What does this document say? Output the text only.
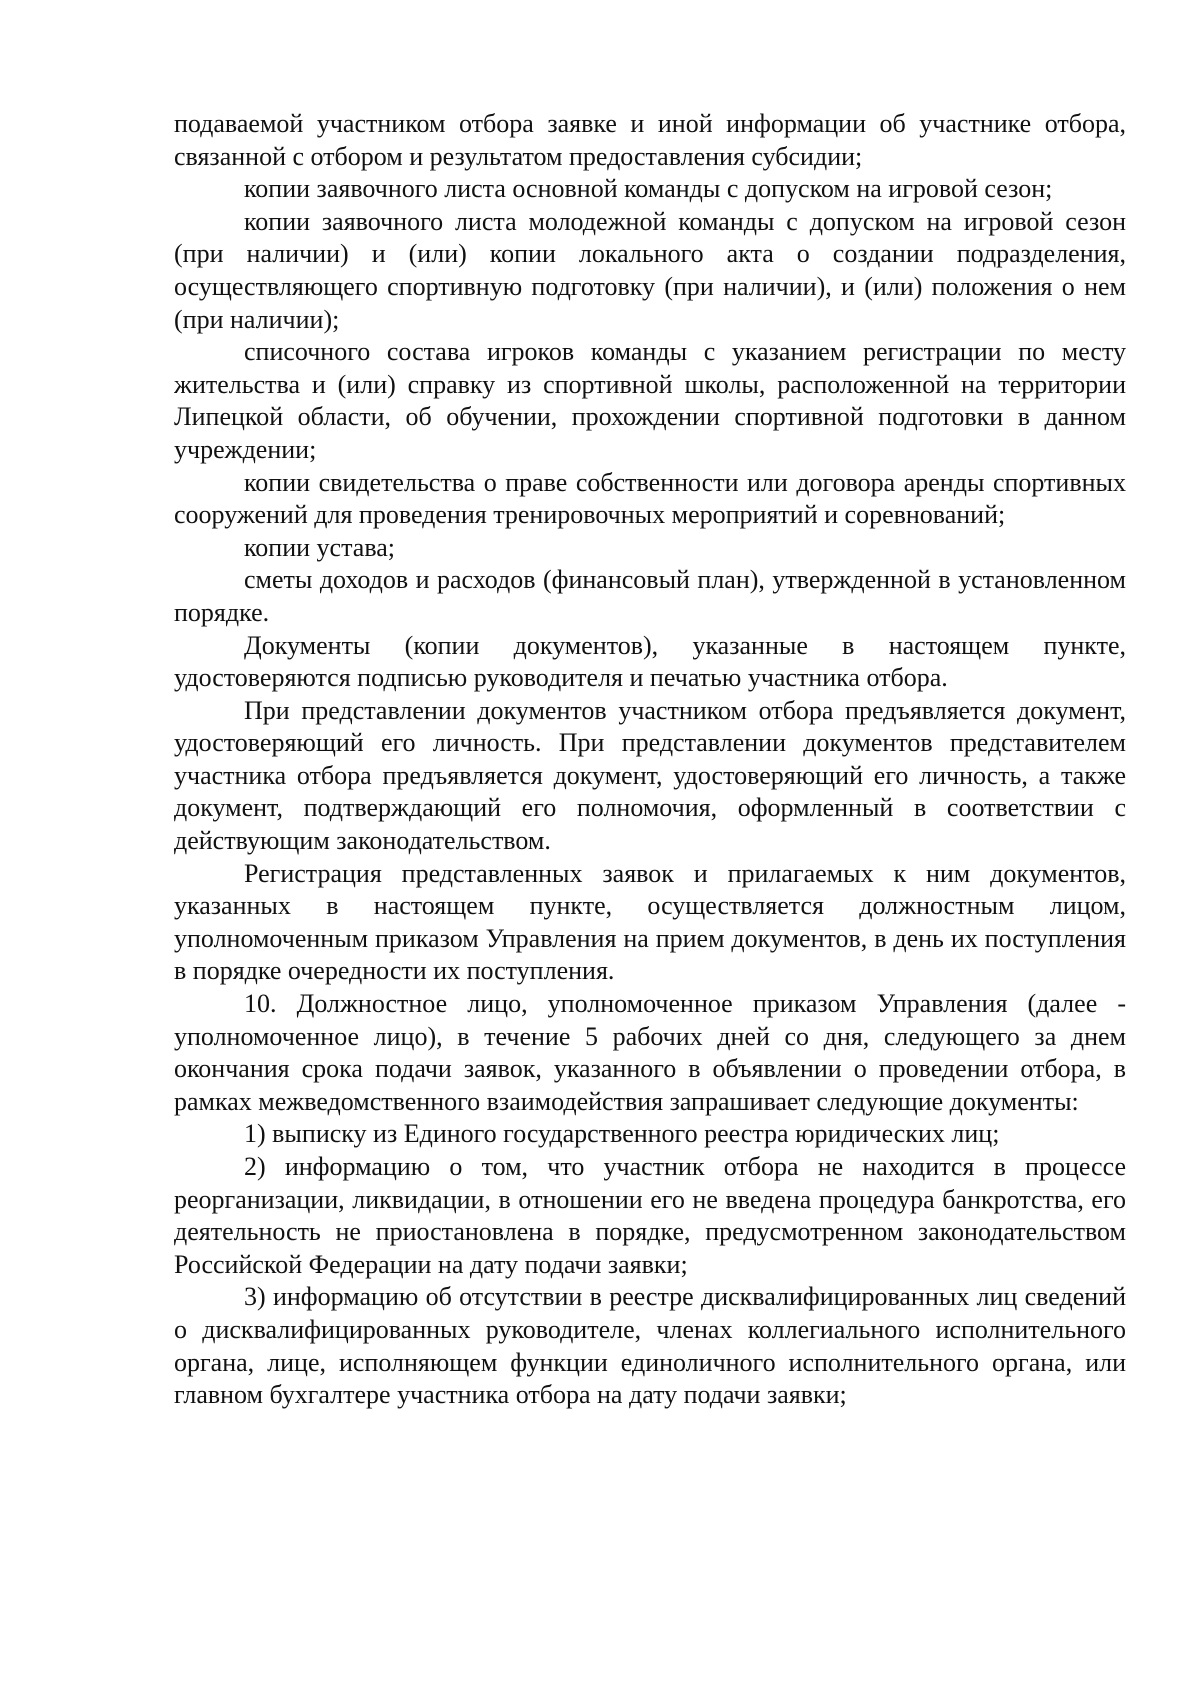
подаваемой участником отбора заявке и иной информации об участнике отбора, связанной с отбором и результатом предоставления субсидии;

копии заявочного листа основной команды с допуском на игровой сезон;

копии заявочного листа молодежной команды с допуском на игровой сезон (при наличии) и (или) копии локального акта о создании подразделения, осуществляющего спортивную подготовку (при наличии), и (или) положения о нем (при наличии);

списочного состава игроков команды с указанием регистрации по месту жительства и (или) справку из спортивной школы, расположенной на территории Липецкой области, об обучении, прохождении спортивной подготовки в данном учреждении;

копии свидетельства о праве собственности или договора аренды спортивных сооружений для проведения тренировочных мероприятий и соревнований;

копии устава;

сметы доходов и расходов (финансовый план), утвержденной в установленном порядке.

Документы (копии документов), указанные в настоящем пункте, удостоверяются подписью руководителя и печатью участника отбора.

При представлении документов участником отбора предъявляется документ, удостоверяющий его личность. При представлении документов представителем участника отбора предъявляется документ, удостоверяющий его личность, а также документ, подтверждающий его полномочия, оформленный в соответствии с действующим законодательством.

Регистрация представленных заявок и прилагаемых к ним документов, указанных в настоящем пункте, осуществляется должностным лицом, уполномоченным приказом Управления на прием документов, в день их поступления в порядке очередности их поступления.

10. Должностное лицо, уполномоченное приказом Управления (далее - уполномоченное лицо), в течение 5 рабочих дней со дня, следующего за днем окончания срока подачи заявок, указанного в объявлении о проведении отбора, в рамках межведомственного взаимодействия запрашивает следующие документы:

1) выписку из Единого государственного реестра юридических лиц;

2) информацию о том, что участник отбора не находится в процессе реорганизации, ликвидации, в отношении его не введена процедура банкротства, его деятельность не приостановлена в порядке, предусмотренном законодательством Российской Федерации на дату подачи заявки;

3) информацию об отсутствии в реестре дисквалифицированных лиц сведений о дисквалифицированных руководителе, членах коллегиального исполнительного органа, лице, исполняющем функции единоличного исполнительного органа, или главном бухгалтере участника отбора на дату подачи заявки;
